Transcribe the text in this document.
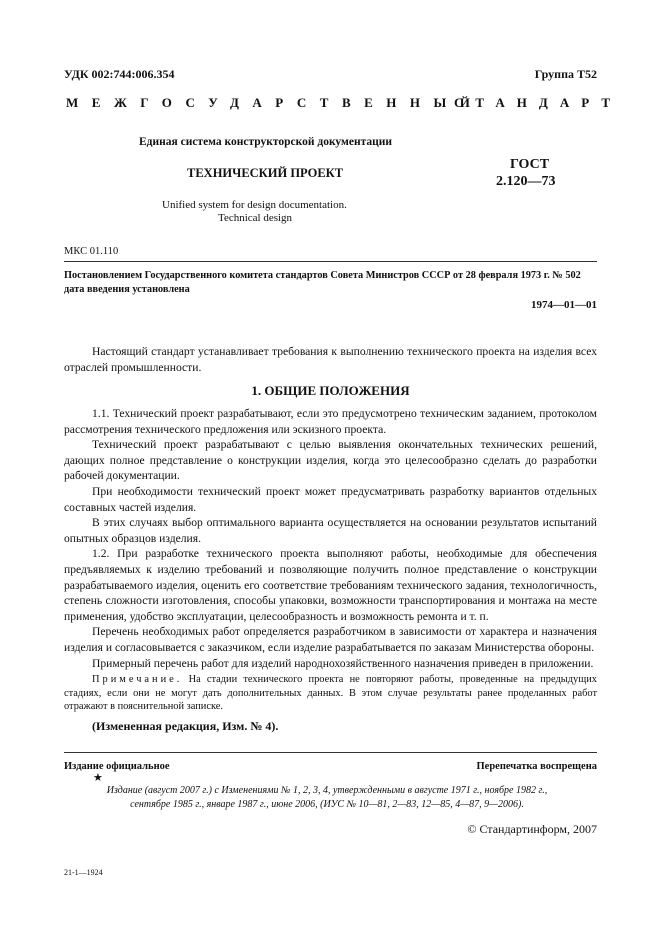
УДК 002:744:006.354	Группа Т52
МЕЖГОСУДАРСТВЕННЫЙ
СТАНДАРТ
Единая система конструкторской документации
ТЕХНИЧЕСКИЙ ПРОЕКТ
ГОСТ
2.120—73
Unified system for design documentation.
Technical design
МКС 01.110
Постановлением Государственного комитета стандартов Совета Министров СССР от 28 февраля 1973 г. № 502
дата введения установлена
1974—01—01
Настоящий стандарт устанавливает требования к выполнению технического проекта на изделия всех отраслей промышленности.
1. ОБЩИЕ ПОЛОЖЕНИЯ
1.1. Технический проект разрабатывают, если это предусмотрено техническим заданием, протоколом рассмотрения технического предложения или эскизного проекта.
Технический проект разрабатывают с целью выявления окончательных технических решений, дающих полное представление о конструкции изделия, когда это целесообразно сделать до разработки рабочей документации.
При необходимости технический проект может предусматривать разработку вариантов отдельных составных частей изделия.
В этих случаях выбор оптимального варианта осуществляется на основании результатов испытаний опытных образцов изделия.
1.2. При разработке технического проекта выполняют работы, необходимые для обеспечения предъявляемых к изделию требований и позволяющие получить полное представление о конструкции разрабатываемого изделия, оценить его соответствие требованиям технического задания, технологичность, степень сложности изготовления, способы упаковки, возможности транспортирования и монтажа на месте применения, удобство эксплуатации, целесообразность и возможность ремонта и т. п.
Перечень необходимых работ определяется разработчиком в зависимости от характера и назначения изделия и согласовывается с заказчиком, если изделие разрабатывается по заказам Министерства обороны.
Примерный перечень работ для изделий народнохозяйственного назначения приведен в приложении.
Примечание. На стадии технического проекта не повторяют работы, проведенные на предыдущих стадиях, если они не могут дать дополнительных данных. В этом случае результаты ранее проделанных работ отражают в пояснительной записке.
(Измененная редакция, Изм. № 4).
Издание официальное	Перепечатка воспрещена
★
Издание (август 2007 г.) с Изменениями № 1, 2, 3, 4, утвержденными в августе 1971 г., ноябре 1982 г., сентябре 1985 г., январе 1987 г., июне 2006, (ИУС № 10—81, 2—83, 12—85, 4—87, 9—2006).
© Стандартинформ, 2007
21-1—1924
